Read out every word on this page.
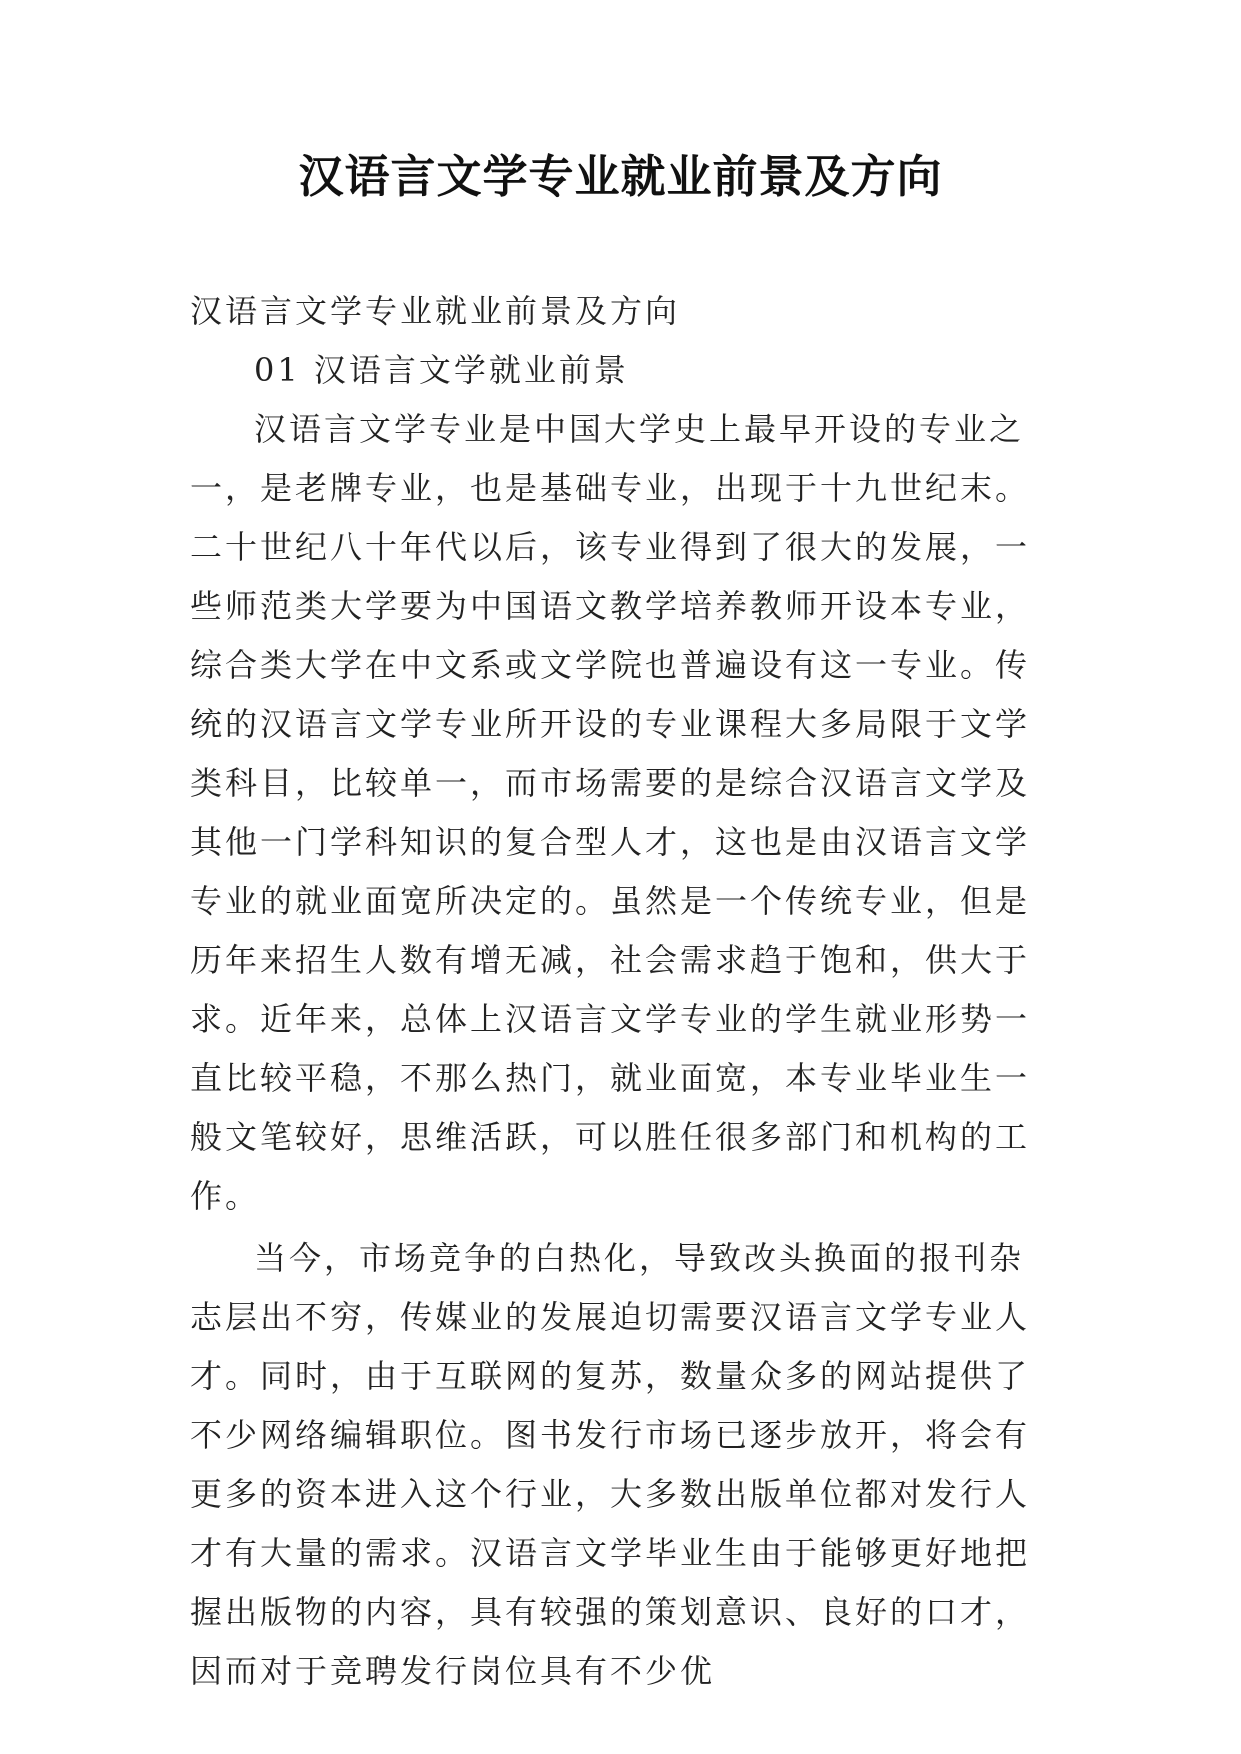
汉语言文学专业就业前景及方向

汉语言文学专业就业前景及方向

01 汉语言文学就业前景

汉语言文学专业是中国大学史上最早开设的专业之一，是老牌专业，也是基础专业，出现于十九世纪末。二十世纪八十年代以后，该专业得到了很大的发展，一些师范类大学要为中国语文教学培养教师开设本专业，综合类大学在中文系或文学院也普遍设有这一专业。传统的汉语言文学专业所开设的专业课程大多局限于文学类科目，比较单一，而市场需要的是综合汉语言文学及其他一门学科知识的复合型人才，这也是由汉语言文学专业的就业面宽所决定的。虽然是一个传统专业，但是历年来招生人数有增无减，社会需求趋于饱和，供大于求。近年来，总体上汉语言文学专业的学生就业形势一直比较平稳，不那么热门，就业面宽，本专业毕业生一般文笔较好，思维活跃，可以胜任很多部门和机构的工作。

当今，市场竞争的白热化，导致改头换面的报刊杂志层出不穷，传媒业的发展迫切需要汉语言文学专业人才。同时，由于互联网的复苏，数量众多的网站提供了不少网络编辑职位。图书发行市场已逐步放开，将会有更多的资本进入这个行业，大多数出版单位都对发行人才有大量的需求。汉语言文学毕业生由于能够更好地把握出版物的内容，具有较强的策划意识、良好的口才，因而对于竞聘发行岗位具有不少优
